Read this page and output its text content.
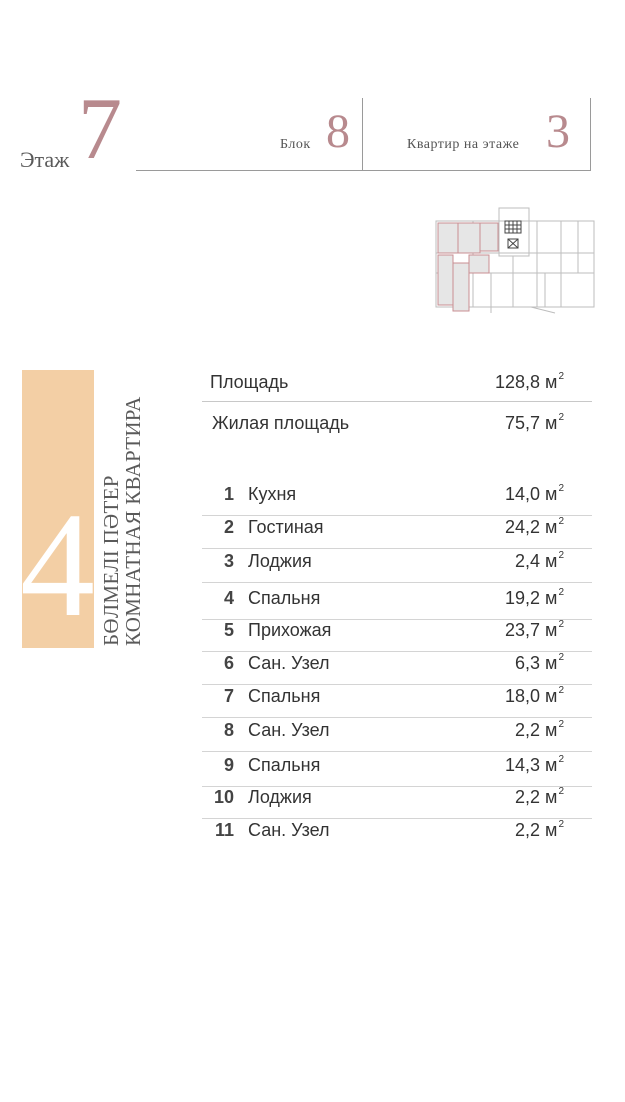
Этаж 7	Блок 8	Квартир на этаже 3
4 БӨЛМЕЛІ ПӘТЕР
КОМНАТНАЯ КВАРТИРА
Площадь	128,8 $м^2$
Жилая площадь	75,7 $м^2$
1 Кухня	14,0 $м^2$
2 Гостиная	24,2 $м^2$
3 Лоджия	2,4 $м^2$
4 Спальня	19,2 $м^2$
5 Прихожая	23,7 $м^2$
6 Сан. Узел	6,3 $м^2$
7 Спальня	18,0 $м^2$
8 Сан. Узел	2,2 $м^2$
9 Спальня	14,3 $м^2$
10 Лоджия	2,2 $м^2$
11 Сан. Узел	2,2 $м^2$
